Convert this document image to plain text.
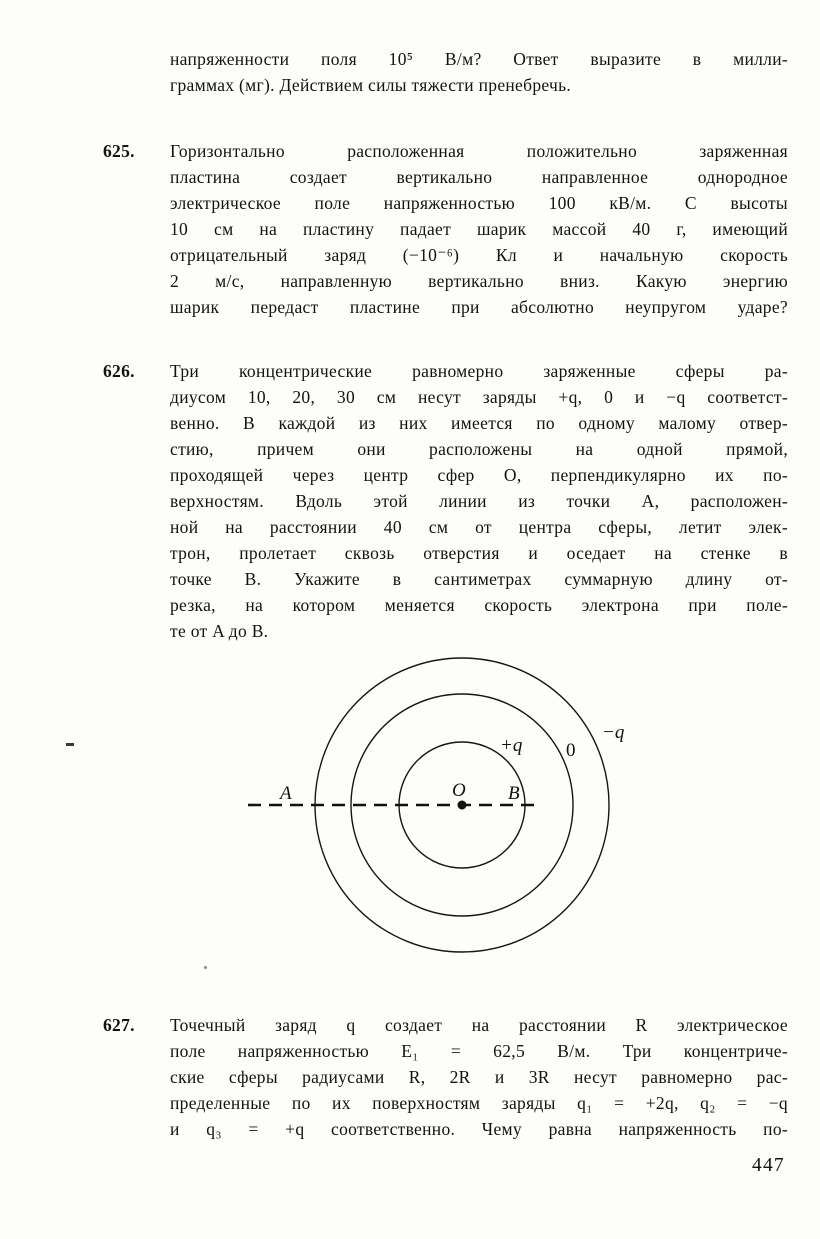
напряженности поля 10⁵ В/м? Ответ выразите в милли-
граммах (мг). Действием силы тяжести пренебречь.
625.	Горизонтально расположенная положительно заряженная
пластина создает вертикально направленное однородное
электрическое поле напряженностью 100 кВ/м. С высоты
10 см на пластину падает шарик массой 40 г, имеющий
отрицательный заряд (−10⁻⁶) Кл и начальную скорость
2 м/с, направленную вертикально вниз. Какую энергию
шарик передаст пластине при абсолютно неупругом ударе?
626.	Три концентрические равномерно заряженные сферы ра-
диусом 10, 20, 30 см несут заряды +q, 0 и −q соответст-
венно. В каждой из них имеется по одному малому отвер-
стию, причем они расположены на одной прямой,
проходящей через центр сфер O, перпендикулярно их по-
верхностям. Вдоль этой линии из точки A, расположен-
ной на расстоянии 40 см от центра сферы, летит элек-
трон, пролетает сквозь отверстия и оседает на стенке в
точке B. Укажите в сантиметрах суммарную длину от-
резка, на котором меняется скорость электрона при поле-
те от A до B.
A	O B
+q 0
−q
627.	Точечный заряд q создает на расстоянии R электрическое
поле напряженностью E₁ = 62,5 В/м. Три концентриче-
ские сферы радиусами R, 2R и 3R несут равномерно рас-
пределенные по их поверхностям заряды q₁ = +2q, q₂ = −q
и q₃ = +q соответственно. Чему равна напряженность по-
447
